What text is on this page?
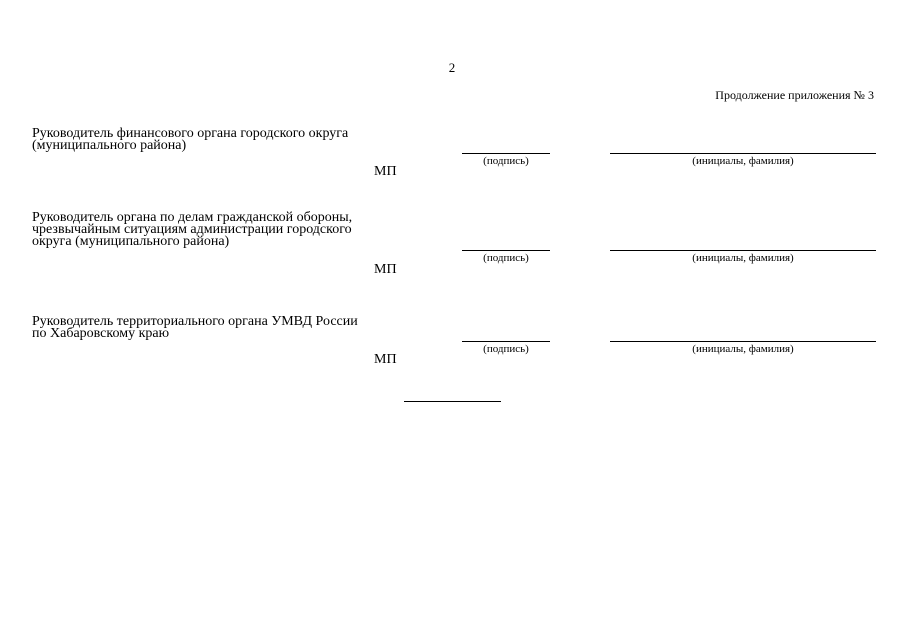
2
Продолжение приложения № 3
Руководитель финансового органа городского округа
(муниципального района)
(подпись)	(инициалы, фамилия)
МП
Руководитель органа по делам гражданской обороны,
чрезвычайным ситуациям администрации городского
округа (муниципального района)
(подпись)	(инициалы, фамилия)
МП
Руководитель территориального органа УМВД России
по Хабаровскому краю
(подпись)	(инициалы, фамилия)
МП
